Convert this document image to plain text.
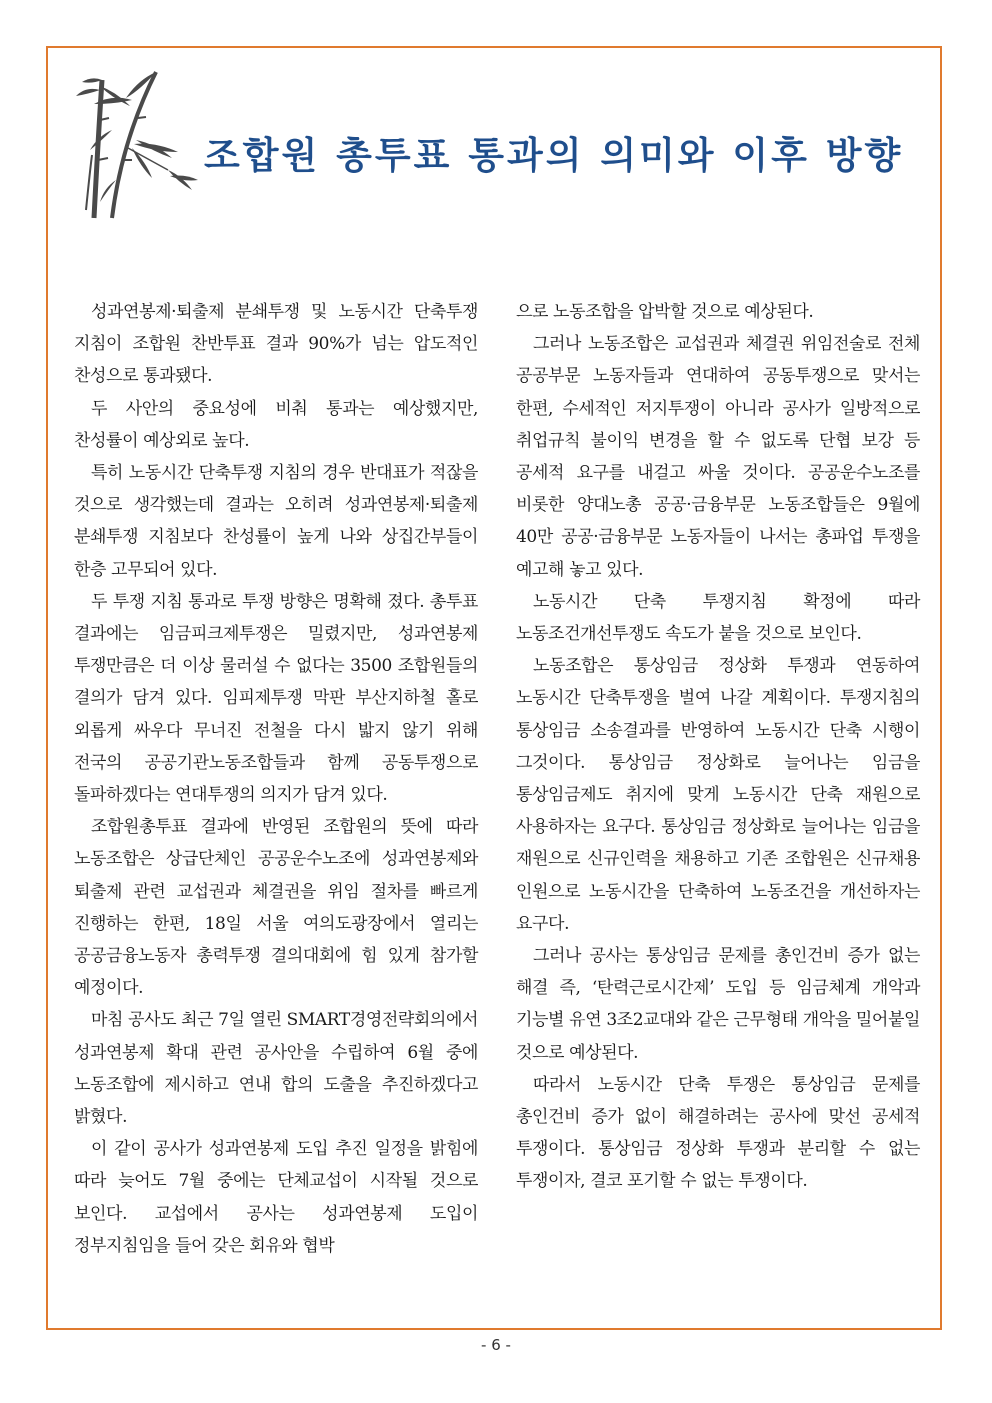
조합원 총투표 통과의 의미와 이후 방향

성과연봉제·퇴출제 분쇄투쟁 및 노동시간 단축투쟁 지침이 조합원 찬반투표 결과 90%가 넘는 압도적인 찬성으로 통과됐다.

두 사안의 중요성에 비춰 통과는 예상했지만, 찬성률이 예상외로 높다.

특히 노동시간 단축투쟁 지침의 경우 반대표가 적잖을 것으로 생각했는데 결과는 오히려 성과연봉제·퇴출제 분쇄투쟁 지침보다 찬성률이 높게 나와 상집간부들이 한층 고무되어 있다.

두 투쟁 지침 통과로 투쟁 방향은 명확해 졌다. 총투표 결과에는 임금피크제투쟁은 밀렸지만, 성과연봉제 투쟁만큼은 더 이상 물러설 수 없다는 3500 조합원들의 결의가 담겨 있다. 임피제투쟁 막판 부산지하철 홀로 외롭게 싸우다 무너진 전철을 다시 밟지 않기 위해 전국의 공공기관노동조합들과 함께 공동투쟁으로 돌파하겠다는 연대투쟁의 의지가 담겨 있다.

조합원총투표 결과에 반영된 조합원의 뜻에 따라 노동조합은 상급단체인 공공운수노조에 성과연봉제와 퇴출제 관련 교섭권과 체결권을 위임 절차를 빠르게 진행하는 한편, 18일 서울 여의도광장에서 열리는 공공금융노동자 총력투쟁 결의대회에 힘 있게 참가할 예정이다.

마침 공사도 최근 7일 열린 SMART경영전략회의에서 성과연봉제 확대 관련 공사안을 수립하여 6월 중에 노동조합에 제시하고 연내 합의 도출을 추진하겠다고 밝혔다.

이 같이 공사가 성과연봉제 도입 추진 일정을 밝힘에 따라 늦어도 7월 중에는 단체교섭이 시작될 것으로 보인다. 교섭에서 공사는 성과연봉제 도입이 정부지침임을 들어 갖은 회유와 협박

으로 노동조합을 압박할 것으로 예상된다.

그러나 노동조합은 교섭권과 체결권 위임전술로 전체 공공부문 노동자들과 연대하여 공동투쟁으로 맞서는 한편, 수세적인 저지투쟁이 아니라 공사가 일방적으로 취업규칙 불이익 변경을 할 수 없도록 단협 보강 등 공세적 요구를 내걸고 싸울 것이다. 공공운수노조를 비롯한 양대노총 공공·금융부문 노동조합들은 9월에 40만 공공·금융부문 노동자들이 나서는 총파업 투쟁을 예고해 놓고 있다.

노동시간 단축 투쟁지침 확정에 따라 노동조건개선투쟁도 속도가 붙을 것으로 보인다.

노동조합은 통상임금 정상화 투쟁과 연동하여 노동시간 단축투쟁을 벌여 나갈 계획이다. 투쟁지침의 통상임금 소송결과를 반영하여 노동시간 단축 시행이 그것이다. 통상임금 정상화로 늘어나는 임금을 통상임금제도 취지에 맞게 노동시간 단축 재원으로 사용하자는 요구다. 통상임금 정상화로 늘어나는 임금을 재원으로 신규인력을 채용하고 기존 조합원은 신규채용 인원으로 노동시간을 단축하여 노동조건을 개선하자는 요구다.

그러나 공사는 통상임금 문제를 총인건비 증가 없는 해결 즉, ‘탄력근로시간제’ 도입 등 임금체계 개악과 기능별 유연 3조2교대와 같은 근무형태 개악을 밀어붙일 것으로 예상된다.

따라서 노동시간 단축 투쟁은 통상임금 문제를 총인건비 증가 없이 해결하려는 공사에 맞선 공세적 투쟁이다. 통상임금 정상화 투쟁과 분리할 수 없는 투쟁이자, 결코 포기할 수 없는 투쟁이다.

- 6 -
